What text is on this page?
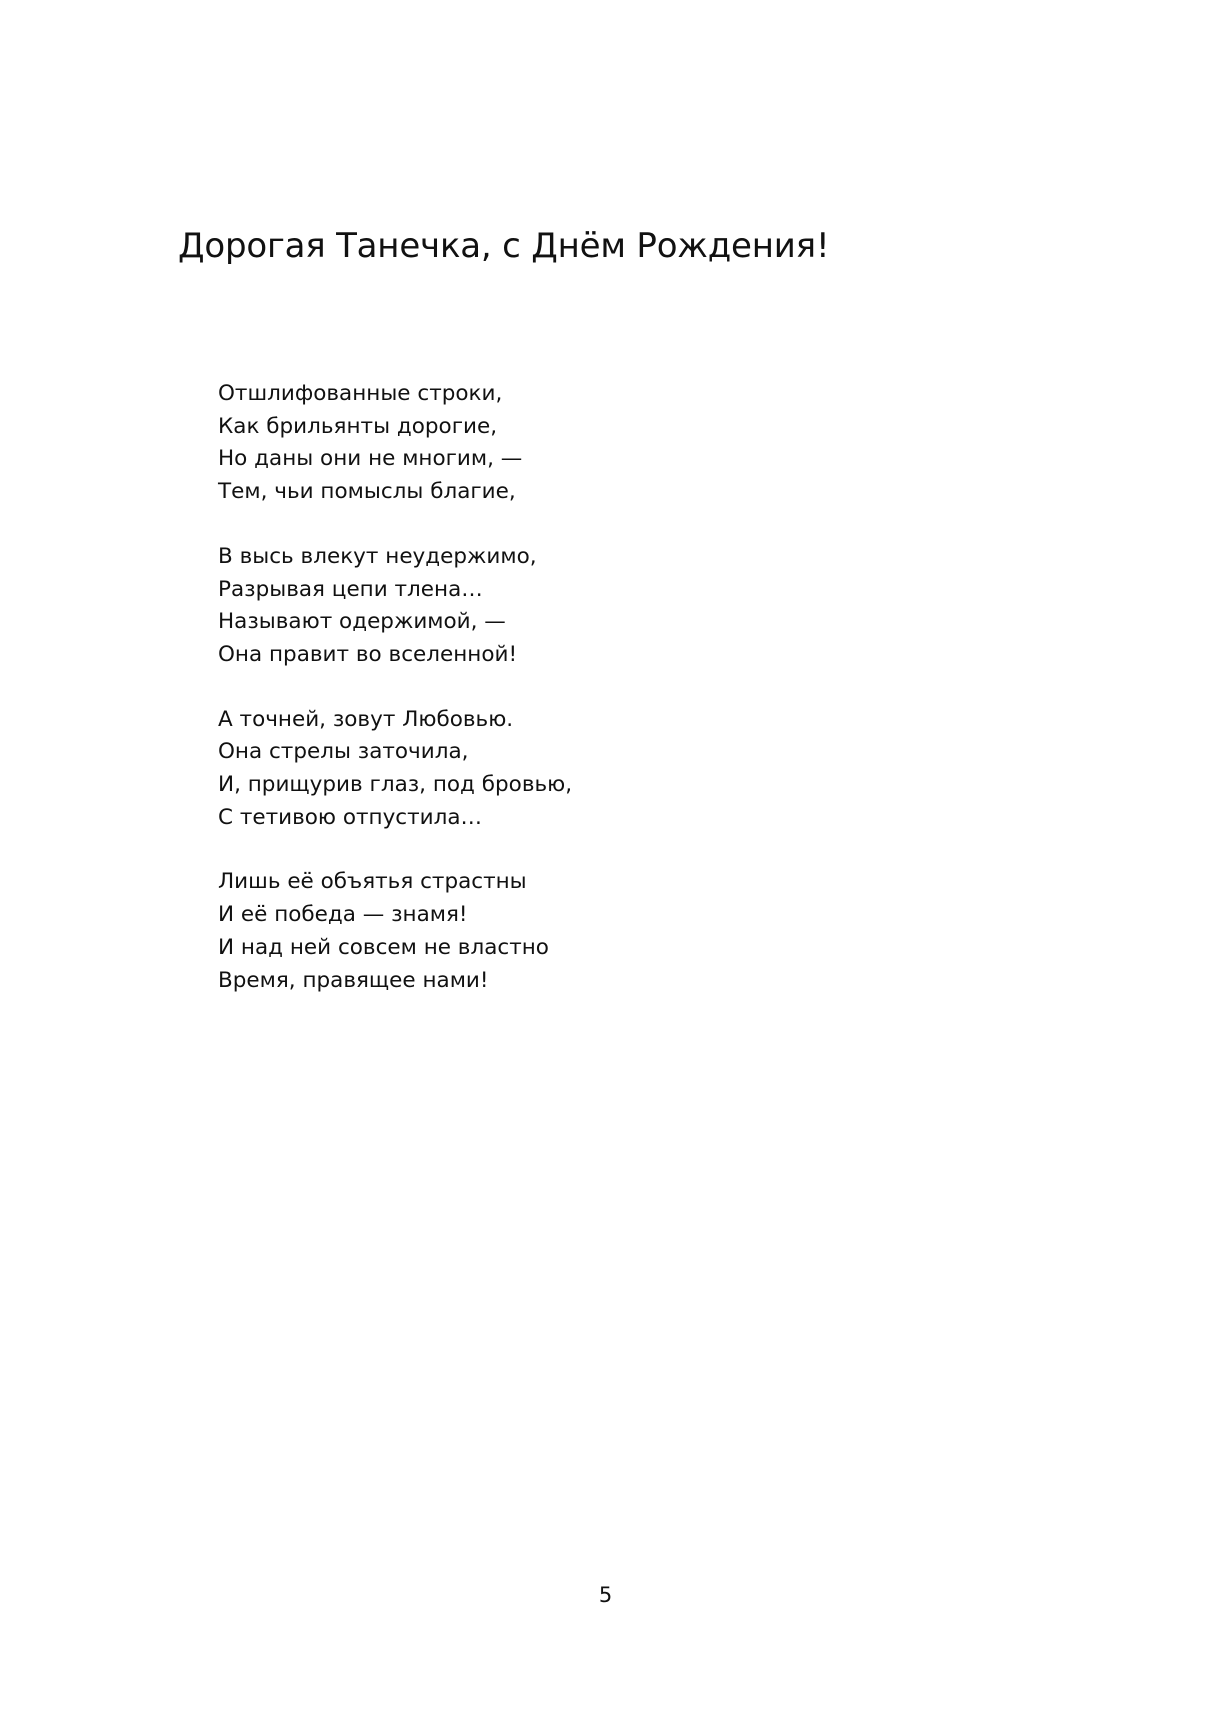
Дорогая Танечка, с Днём Рождения!
Отшлифованные строки,
Как брильянты дорогие,
Но даны они не многим, —
Тем, чьи помыслы благие,
В высь влекут неудержимо,
Разрывая цепи тлена…
Называют одержимой, —
Она правит во вселенной!
А точней, зовут Любовью.
Она стрелы заточила,
И, прищурив глаз, под бровью,
С тетивою отпустила…
Лишь её объятья страстны
И её победа — знамя!
И над ней совсем не властно
Время, правящее нами!
5
